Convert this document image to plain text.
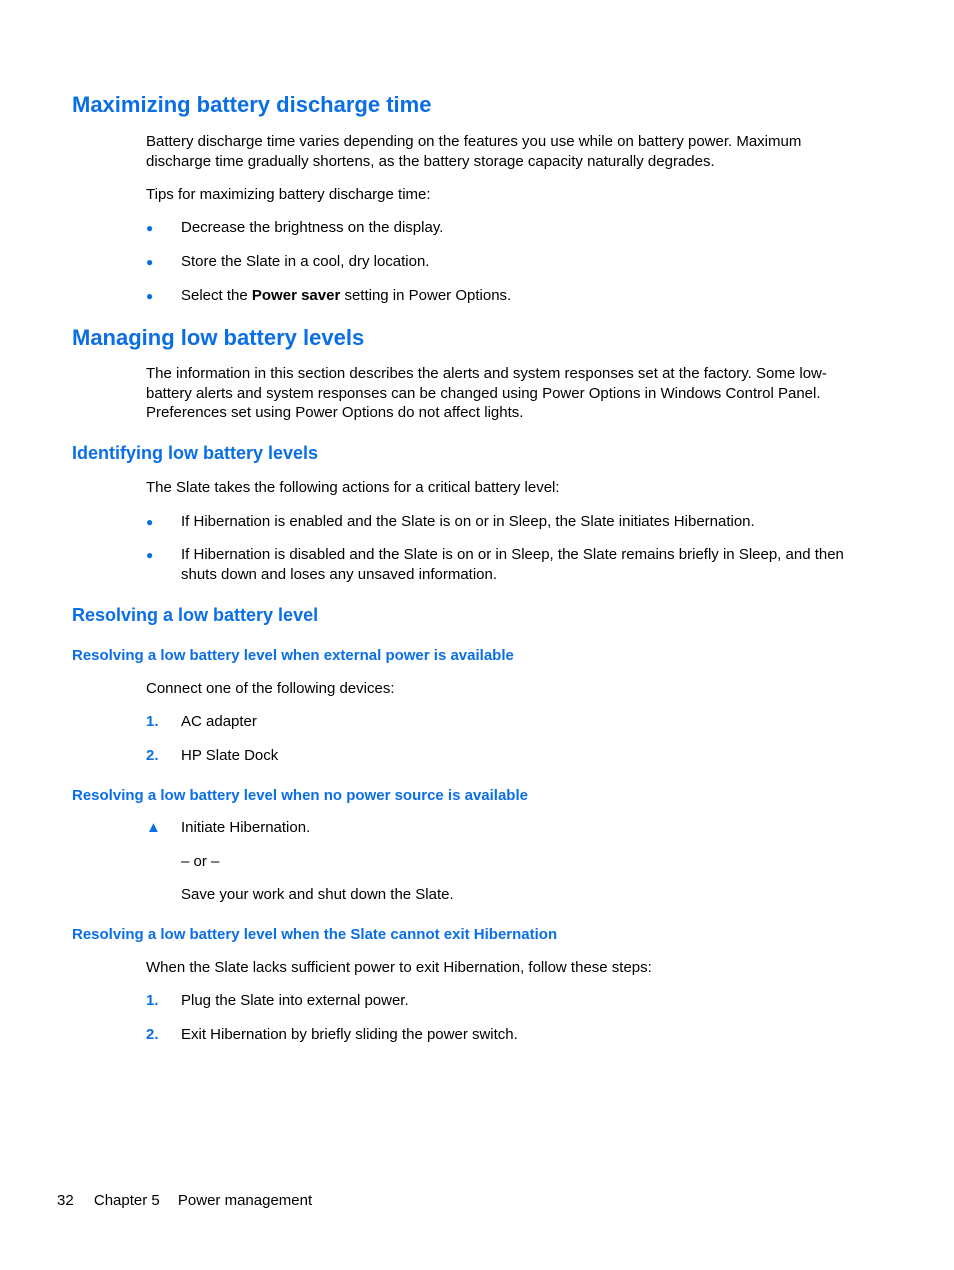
Maximizing battery discharge time

Battery discharge time varies depending on the features you use while on battery power. Maximum discharge time gradually shortens, as the battery storage capacity naturally degrades.

Tips for maximizing battery discharge time:

● Decrease the brightness on the display.
● Store the Slate in a cool, dry location.
● Select the Power saver setting in Power Options.
Managing low battery levels

The information in this section describes the alerts and system responses set at the factory. Some low-battery alerts and system responses can be changed using Power Options in Windows Control Panel. Preferences set using Power Options do not affect lights.

Identifying low battery levels

The Slate takes the following actions for a critical battery level:

● If Hibernation is enabled and the Slate is on or in Sleep, the Slate initiates Hibernation.
● If Hibernation is disabled and the Slate is on or in Sleep, the Slate remains briefly in Sleep, and then shuts down and loses any unsaved information.
Resolving a low battery level
Resolving a low battery level when external power is available

Connect one of the following devices:

1. AC adapter
2. HP Slate Dock
Resolving a low battery level when no power source is available
▲ Initiate Hibernation.

– or –

Save your work and shut down the Slate.

Resolving a low battery level when the Slate cannot exit Hibernation

When the Slate lacks sufficient power to exit Hibernation, follow these steps:

1. Plug the Slate into external power.
2. Exit Hibernation by briefly sliding the power switch.
32 Chapter 5 Power management
